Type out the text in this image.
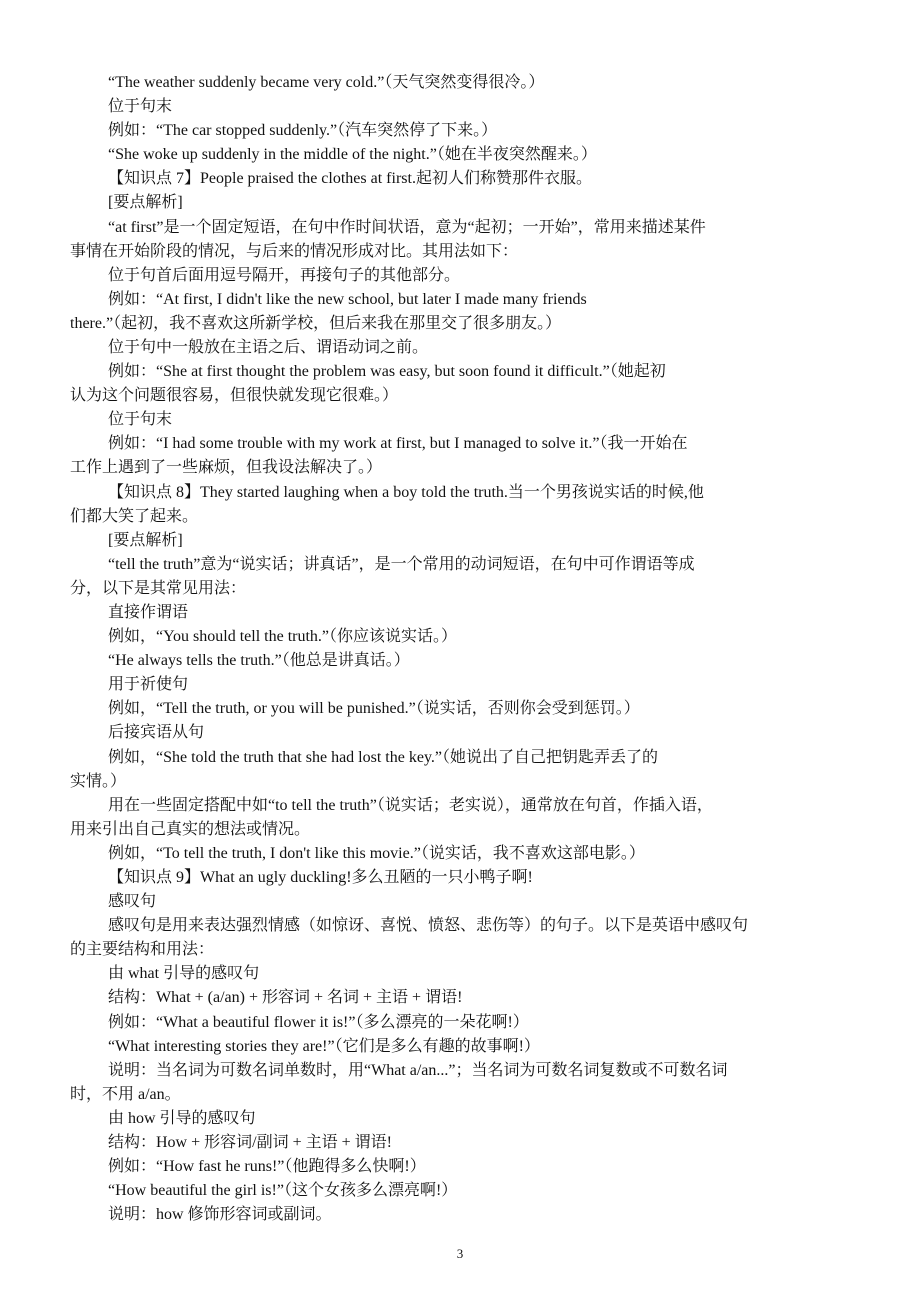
“The weather suddenly became very cold.”（天气突然变得很冷。）
位于句末
例如：“The car stopped suddenly.”（汽车突然停了下来。）
“She woke up suddenly in the middle of the night.”（她在半夜突然醒来。）
【知识点 7】People praised the clothes at first.起初人们称赞那件衣服。
[要点解析]
“at first”是一个固定短语，在句中作时间状语，意为“起初；一开始”，常用来描述某件
事情在开始阶段的情况，与后来的情况形成对比。其用法如下：
位于句首后面用逗号隔开，再接句子的其他部分。
例如：“At first, I didn't like the new school, but later I made many friends
there.”（起初，我不喜欢这所新学校，但后来我在那里交了很多朋友。）
位于句中一般放在主语之后、谓语动词之前。
例如：“She at first thought the problem was easy, but soon found it difficult.”（她起初
认为这个问题很容易，但很快就发现它很难。）
位于句末
例如：“I had some trouble with my work at first, but I managed to solve it.”（我一开始在
工作上遇到了一些麻烦，但我设法解决了。）
【知识点 8】They started laughing when a boy told the truth.当一个男孩说实话的时候,他
们都大笑了起来。
[要点解析]
“tell the truth”意为“说实话；讲真话”，是一个常用的动词短语，在句中可作谓语等成
分，以下是其常见用法：
直接作谓语
例如，“You should tell the truth.”（你应该说实话。）
“He always tells the truth.”（他总是讲真话。）
用于祈使句
例如，“Tell the truth, or you will be punished.”（说实话，否则你会受到惩罚。）
后接宾语从句
例如，“She told the truth that she had lost the key.”（她说出了自己把钥匙弄丢了的
实情。）
用在一些固定搭配中如“to tell the truth”（说实话；老实说），通常放在句首，作插入语，
用来引出自己真实的想法或情况。
例如，“To tell the truth, I don't like this movie.”（说实话，我不喜欢这部电影。）
【知识点 9】What an ugly duckling!多么丑陋的一只小鸭子啊!
感叹句
感叹句是用来表达强烈情感（如惊讶、喜悦、愤怒、悲伤等）的句子。以下是英语中感叹句
的主要结构和用法：
由 what 引导的感叹句
结构：What + (a/an) + 形容词 + 名词 + 主语 + 谓语!
例如：“What a beautiful flower it is!”（多么漂亮的一朵花啊!）
“What interesting stories they are!”（它们是多么有趣的故事啊!）
说明：当名词为可数名词单数时，用“What a/an...”；当名词为可数名词复数或不可数名词
时，不用 a/an。
由 how 引导的感叹句
结构：How + 形容词/副词 + 主语 + 谓语!
例如：“How fast he runs!”（他跑得多么快啊!）
“How beautiful the girl is!”（这个女孩多么漂亮啊!）
说明：how 修饰形容词或副词。
3
